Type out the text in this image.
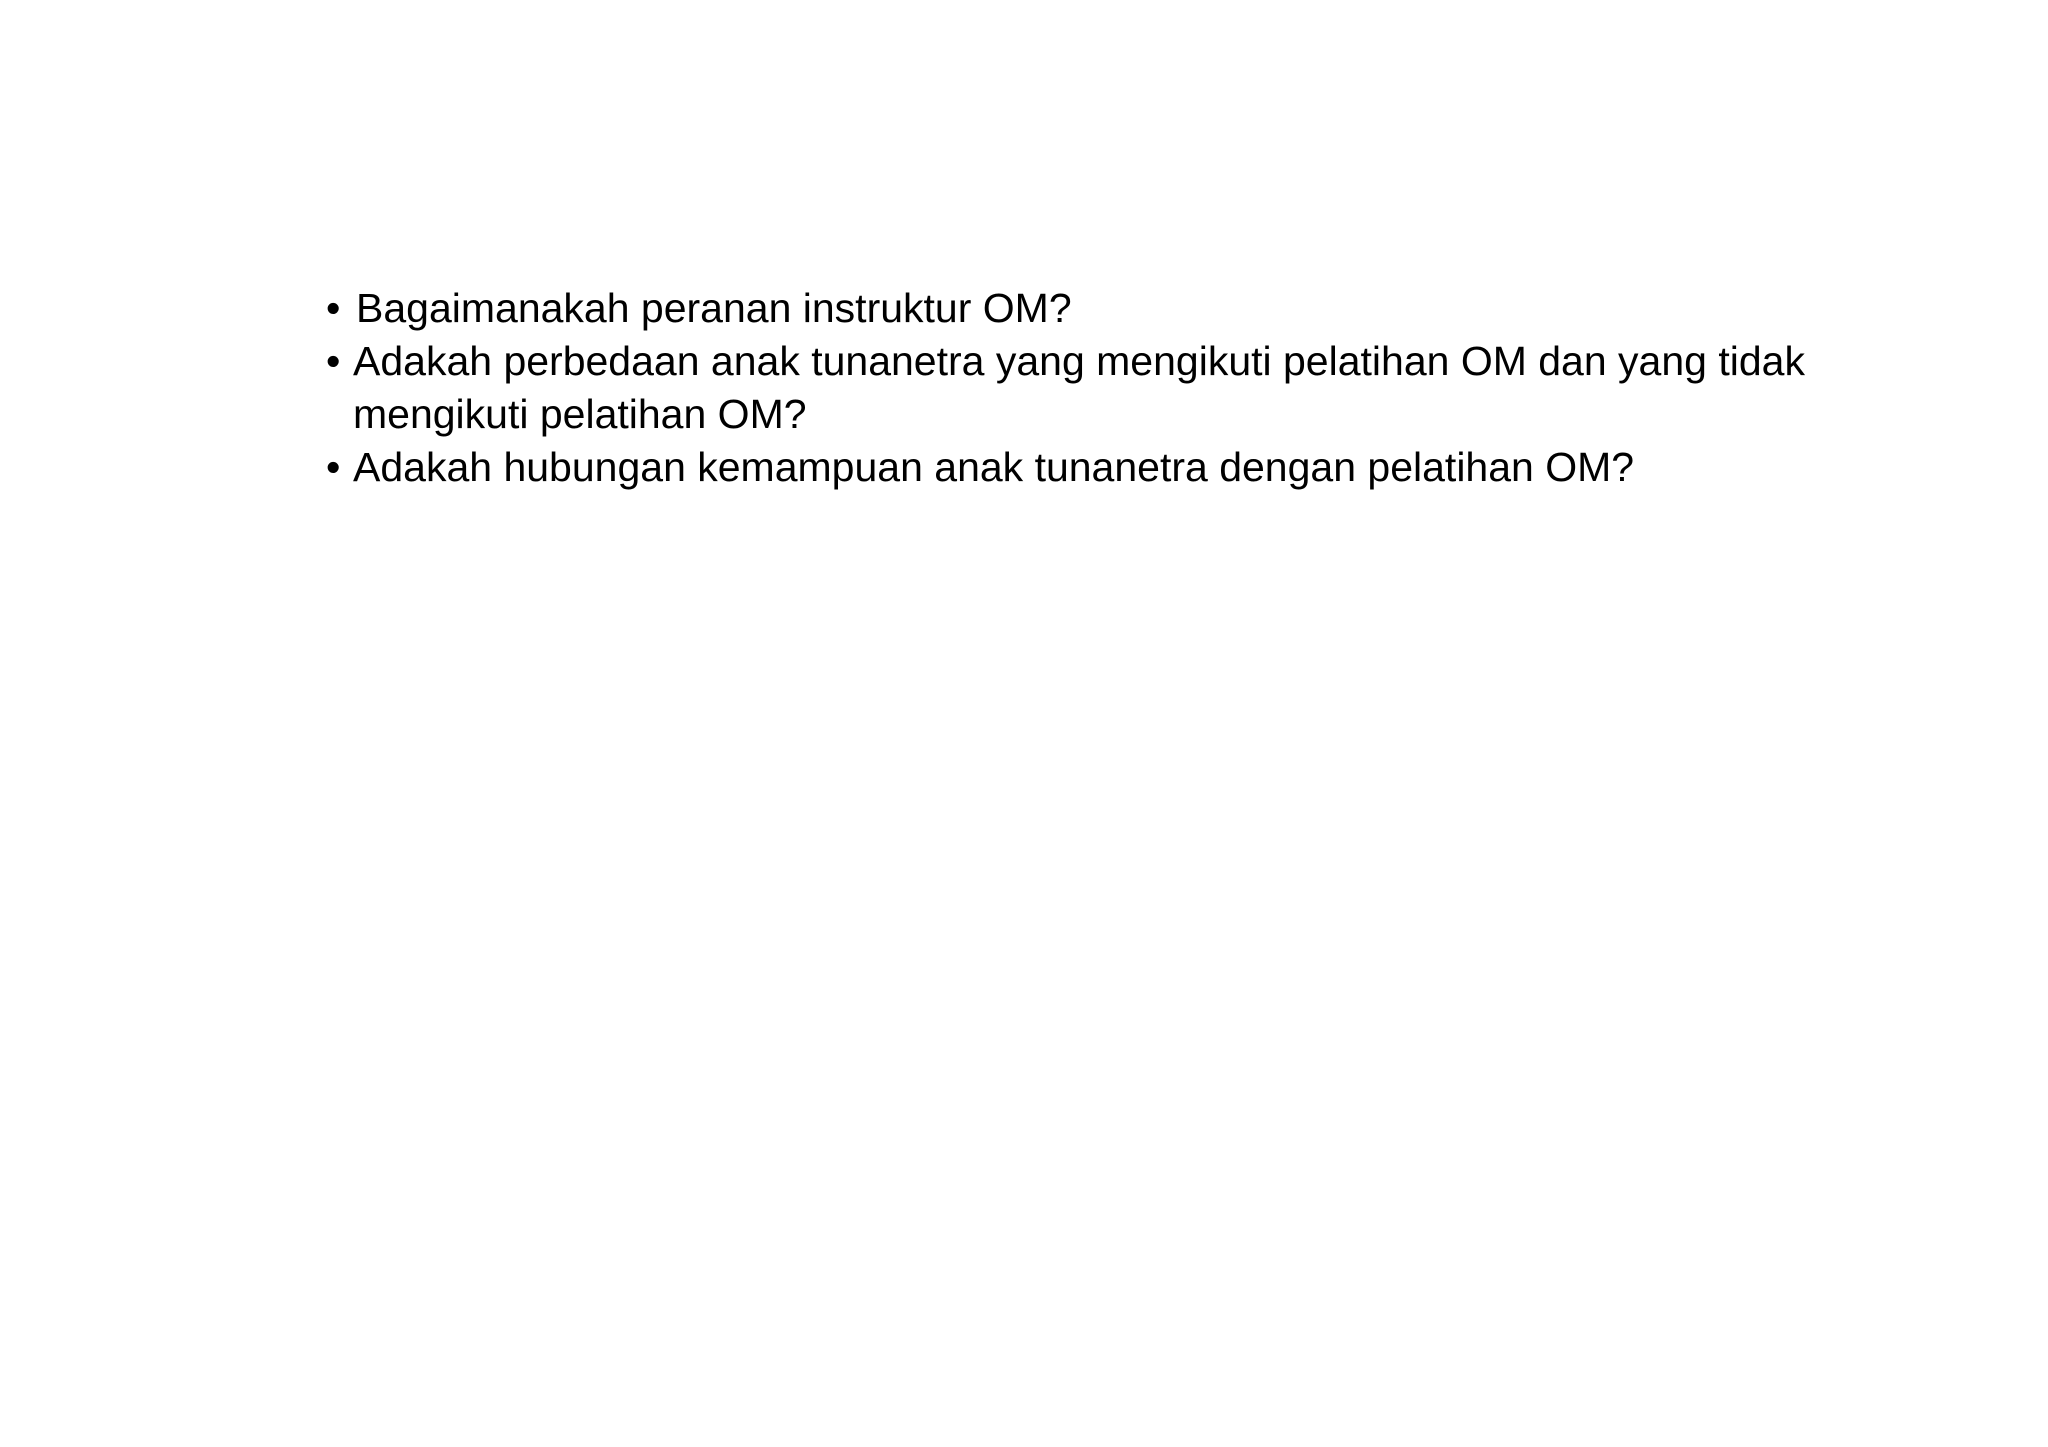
• Bagaimanakah peranan instruktur OM?
• Adakah perbedaan anak tunanetra yang mengikuti pelatihan OM dan yang tidak mengikuti pelatihan OM?
• Adakah hubungan kemampuan anak tunanetra dengan pelatihan OM?
